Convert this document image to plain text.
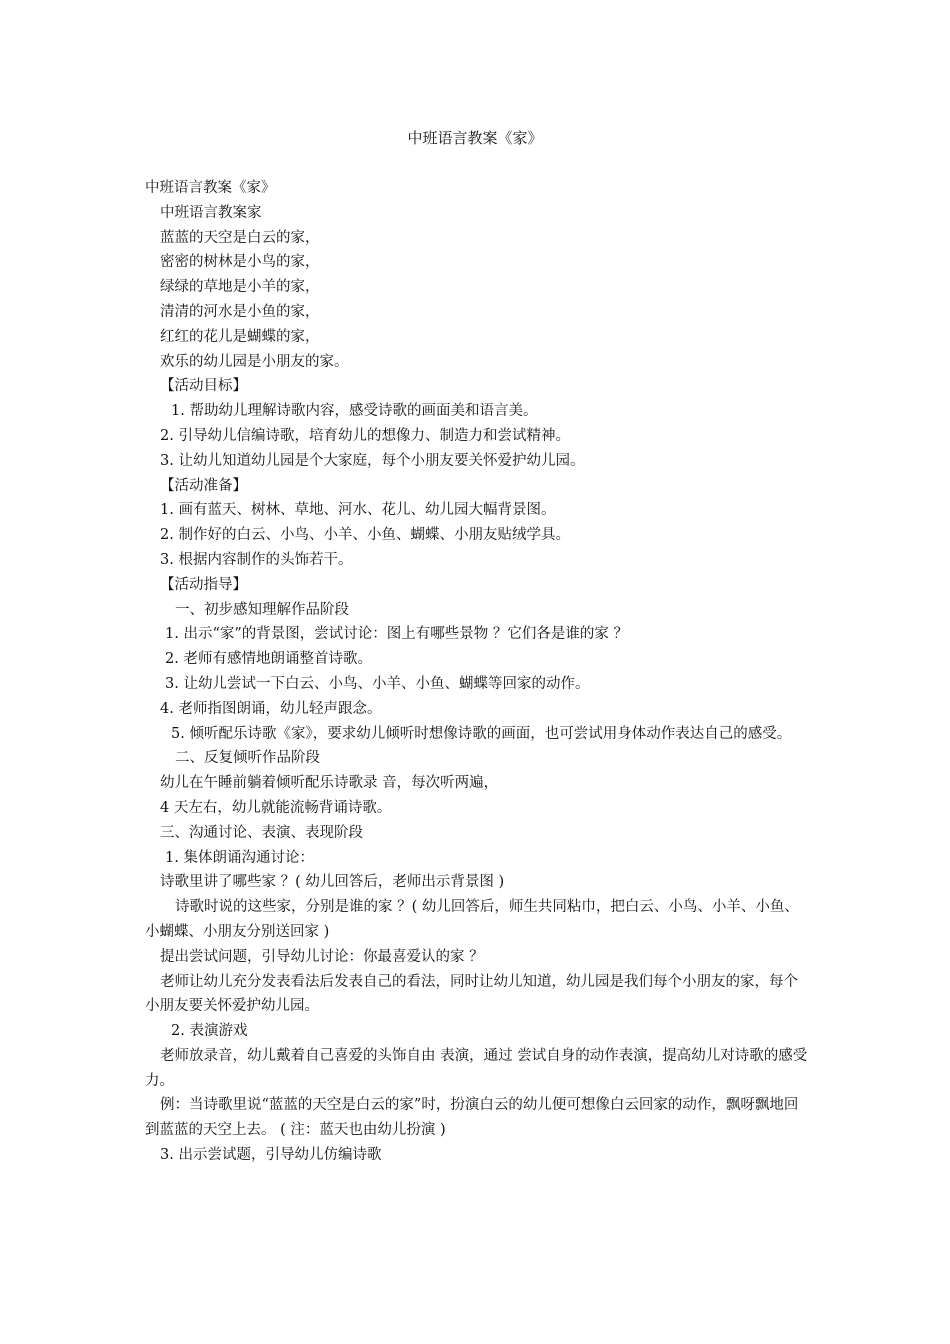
中班语言教案《家》

中班语言教案《家》

中班语言教案家

蓝蓝的天空是白云的家，

密密的树林是小鸟的家，

绿绿的草地是小羊的家，

清清的河水是小鱼的家，

红红的花儿是蝴蝶的家，

欢乐的幼儿园是小朋友的家。

【活动目标】

1. 帮助幼儿理解诗歌内容，感受诗歌的画面美和语言美。

2. 引导幼儿信编诗歌，培育幼儿的想像力、制造力和尝试精神。

3. 让幼儿知道幼儿园是个大家庭，每个小朋友要关怀爱护幼儿园。

【活动准备】

1. 画有蓝天、树林、草地、河水、花儿、幼儿园大幅背景图。

2. 制作好的白云、小鸟、小羊、小鱼、蝴蝶、小朋友贴绒学具。

3. 根据内容制作的头饰若干。

【活动指导】

一、初步感知理解作品阶段

1. 出示“家”的背景图，尝试讨论：图上有哪些景物 ？它们各是谁的家 ？

2. 老师有感情地朗诵整首诗歌。

3. 让幼儿尝试一下白云、小鸟、小羊、小鱼、蝴蝶等回家的动作。

4. 老师指图朗诵，幼儿轻声跟念。

5. 倾听配乐诗歌《家》，要求幼儿倾听时想像诗歌的画面，也可尝试用身体动作表达自己的感受。

二、反复倾听作品阶段

幼儿在午睡前躺着倾听配乐诗歌录 音，每次听两遍，

4 天左右，幼儿就能流畅背诵诗歌。

三、沟通讨论、表演、表现阶段

1. 集体朗诵沟通讨论：

诗歌里讲了哪些家 ？( 幼儿回答后，老师出示背景图 )

诗歌时说的这些家，分别是谁的家 ？( 幼儿回答后，师生共同粘巾，把白云、小鸟、小羊、小鱼、小蝴蝶、小朋友分别送回家 )

提出尝试问题，引导幼儿讨论：你最喜爱认的家 ？

老师让幼儿充分发表看法后发表自己的看法，同时让幼儿知道，幼儿园是我们每个小朋友的家，每个小朋友要关怀爱护幼儿园。

2. 表演游戏

老师放录音，幼儿戴着自己喜爱的头饰自由 表演，通过 尝试自身的动作表演，提高幼儿对诗歌的感受力。

例：当诗歌里说“蓝蓝的天空是白云的家”时，扮演白云的幼儿便可想像白云回家的动作，飘呀飘地回到蓝蓝的天空上去。 ( 注：蓝天也由幼儿扮演 )

3. 出示尝试题，引导幼儿仿编诗歌
